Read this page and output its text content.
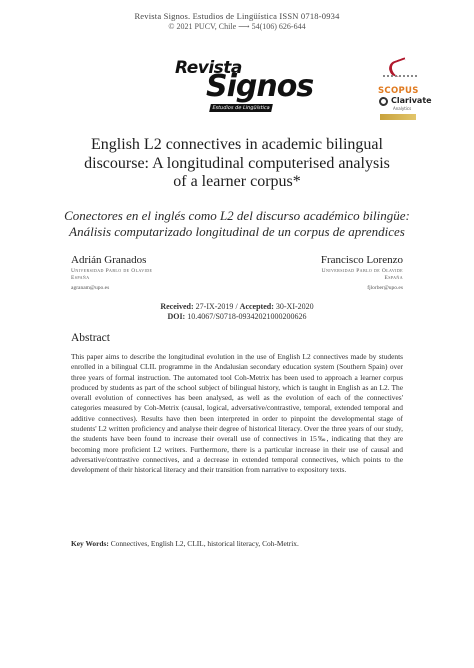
Revista Signos. Estudios de Lingüística ISSN 0718-0934
© 2021 PUCV, Chile ⟶ 54(106) 626-644
Revista
Signos
Estudios de Lingüística
SCOPUS
Clarivate
Analytics
English L2 connectives in academic bilingual
discourse: A longitudinal computerised analysis
of a learner corpus*
Conectores en el inglés como L2 del discurso académico bilingüe:
Análisis computarizado longitudinal de un corpus de aprendices
Adrián Granados
Universidad Pablo de Olavide
España
agranam@upo.es
Francisco Lorenzo
Universidad Pablo de Olavide
España
fjlorber@upo.es
Received: 27-IX-2019 / Accepted: 30-XI-2020
DOI: 10.4067/S0718-09342021000200626
Abstract
This paper aims to describe the longitudinal evolution in the use of English L2 connectives made by students enrolled in a bilingual CLIL programme in the Andalusian secondary education system (Southern Spain) over three years of formal instruction. The automated tool Coh-Metrix has been used to approach a learner corpus produced by students as part of the school subject of bilingual history, which is taught in English as an L2. The overall evolution of connectives has been analysed, as well as the evolution of each of the connectives' categories measured by Coh-Metrix (causal, logical, adversative/contrastive, temporal, extended temporal and additive connectives). Results have then been interpreted in order to pinpoint the developmental stage of students' L2 written proficiency and analyse their degree of historical literacy. Over the three years of our study, the students have been found to increase their overall use of connectives in 15‰, indicating that they are becoming more proficient L2 writers. Furthermore, there is a particular increase in their use of causal and adversative/contrastive connectives, and a decrease in extended temporal connectives, which points to the development of their historical literacy and their transition from narrative to expository texts.
Key Words: Connectives, English L2, CLIL, historical literacy, Coh-Metrix.
